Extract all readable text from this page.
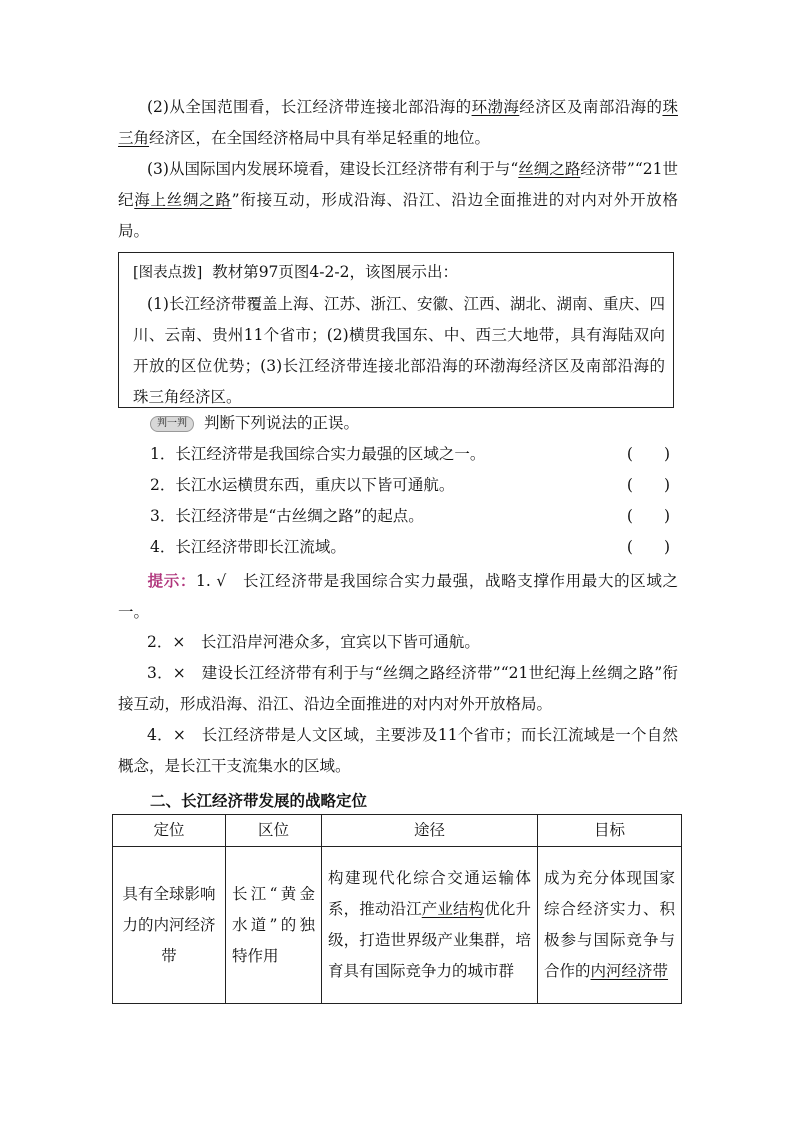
(2)从全国范围看，长江经济带连接北部沿海的环渤海经济区及南部沿海的珠三角经济区，在全国经济格局中具有举足轻重的地位。
(3)从国际国内发展环境看，建设长江经济带有利于与“丝绸之路经济带”“21世纪海上丝绸之路”衔接互动，形成沿海、沿江、沿边全面推进的对内对外开放格局。
[图表点拨] 教材第97页图4-2-2，该图展示出：
(1)长江经济带覆盖上海、江苏、浙江、安徽、江西、湖北、湖南、重庆、四川、云南、贵州11个省市；(2)横贯我国东、中、西三大地带，具有海陆双向开放的区位优势；(3)长江经济带连接北部沿海的环渤海经济区及南部沿海的珠三角经济区。
判一判 判断下列说法的正误。
1．长江经济带是我国综合实力最强的区域之一。	(　　)
2．长江水运横贯东西，重庆以下皆可通航。	(　　)
3．长江经济带是“古丝绸之路”的起点。	(　　)
4．长江经济带即长江流域。	(　　)
提示：1. √　长江经济带是我国综合实力最强，战略支撑作用最大的区域之一。
2．×　长江沿岸河港众多，宜宾以下皆可通航。
3．×　建设长江经济带有利于与“丝绸之路经济带”“21世纪海上丝绸之路”衔接互动，形成沿海、沿江、沿边全面推进的对内对外开放格局。
4．×　长江经济带是人文区域，主要涉及11个省市；而长江流域是一个自然概念，是长江干支流集水的区域。
二、长江经济带发展的战略定位
定位	区位	途径	目标
具有全球影响力的内河经济带	长江“黄金水道”的独特作用	构建现代化综合交通运输体系，推动沿江产业结构优化升级，打造世界级产业集群，培育具有国际竞争力的城市群	成为充分体现国家综合经济实力、积极参与国际竞争与合作的内河经济带
